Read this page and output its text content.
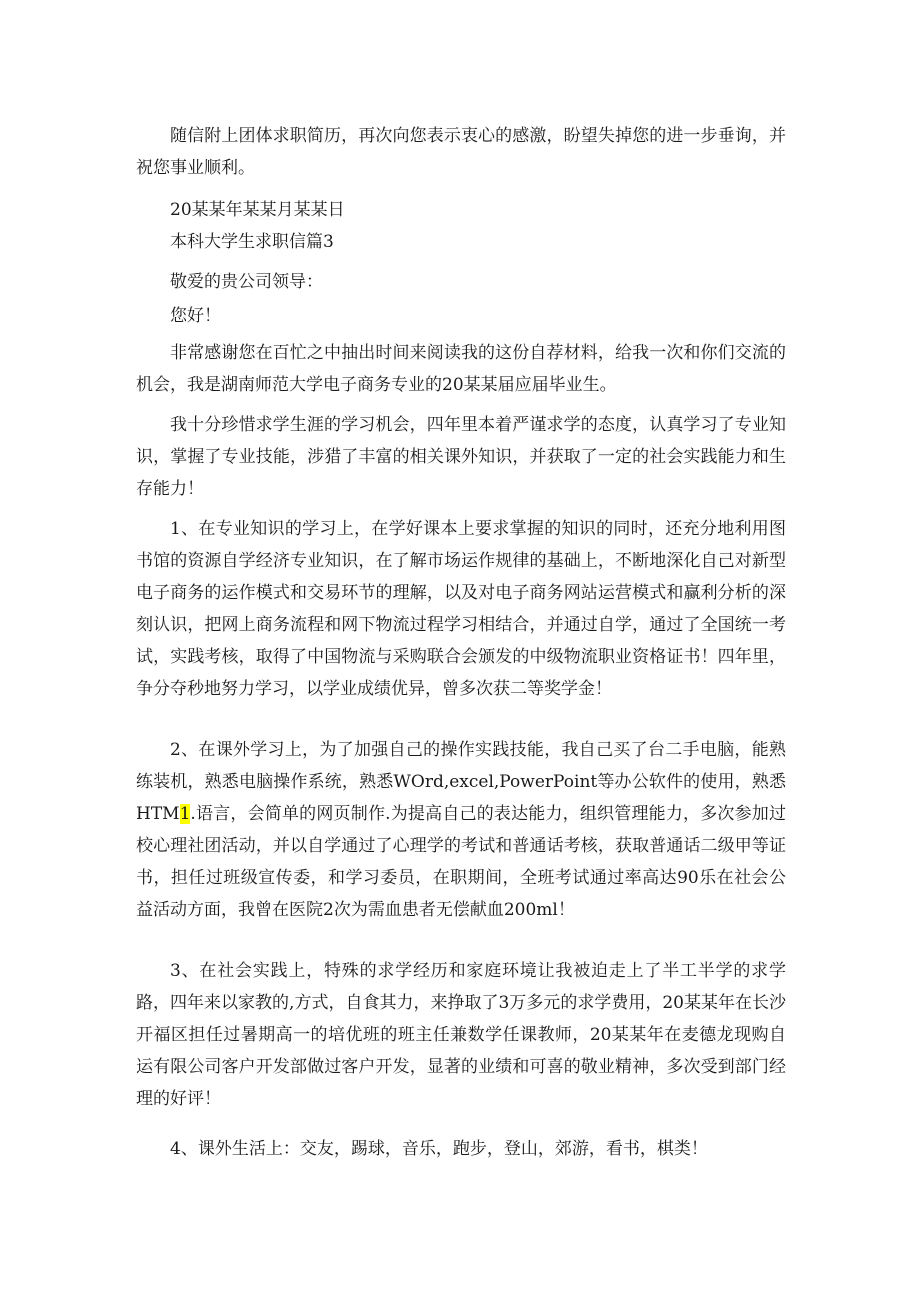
随信附上团体求职简历，再次向您表示衷心的感激，盼望失掉您的进一步垂询，并祝您事业顺利。

20某某年某某月某某日

本科大学生求职信篇3

敬爱的贵公司领导：

您好！

非常感谢您在百忙之中抽出时间来阅读我的这份自荐材料，给我一次和你们交流的机会，我是湖南师范大学电子商务专业的20某某届应届毕业生。

我十分珍惜求学生涯的学习机会，四年里本着严谨求学的态度，认真学习了专业知识，掌握了专业技能，涉猎了丰富的相关课外知识，并获取了一定的社会实践能力和生存能力！

1、在专业知识的学习上，在学好课本上要求掌握的知识的同时，还充分地利用图书馆的资源自学经济专业知识，在了解市场运作规律的基础上，不断地深化自己对新型电子商务的运作模式和交易环节的理解，以及对电子商务网站运营模式和赢利分析的深刻认识，把网上商务流程和网下物流过程学习相结合，并通过自学，通过了全国统一考试，实践考核，取得了中国物流与采购联合会颁发的中级物流职业资格证书！四年里，争分夺秒地努力学习，以学业成绩优异，曾多次获二等奖学金！

2、在课外学习上，为了加强自己的操作实践技能，我自己买了台二手电脑，能熟练装机，熟悉电脑操作系统，熟悉WOrd,excel,PowerPoint等办公软件的使用，熟悉HTM1.语言，会简单的网页制作.为提高自己的表达能力，组织管理能力，多次参加过校心理社团活动，并以自学通过了心理学的考试和普通话考核，获取普通话二级甲等证书，担任过班级宣传委，和学习委员，在职期间，全班考试通过率高达90乐在社会公益活动方面，我曾在医院2次为需血患者无偿献血200ml！

3、在社会实践上，特殊的求学经历和家庭环境让我被迫走上了半工半学的求学路，四年来以家教的,方式，自食其力，来挣取了3万多元的求学费用，20某某年在长沙开福区担任过暑期高一的培优班的班主任兼数学任课教师，20某某年在麦德龙现购自运有限公司客户开发部做过客户开发，显著的业绩和可喜的敬业精神，多次受到部门经理的好评！

4、课外生活上：交友，踢球，音乐，跑步，登山，郊游，看书，棋类！
